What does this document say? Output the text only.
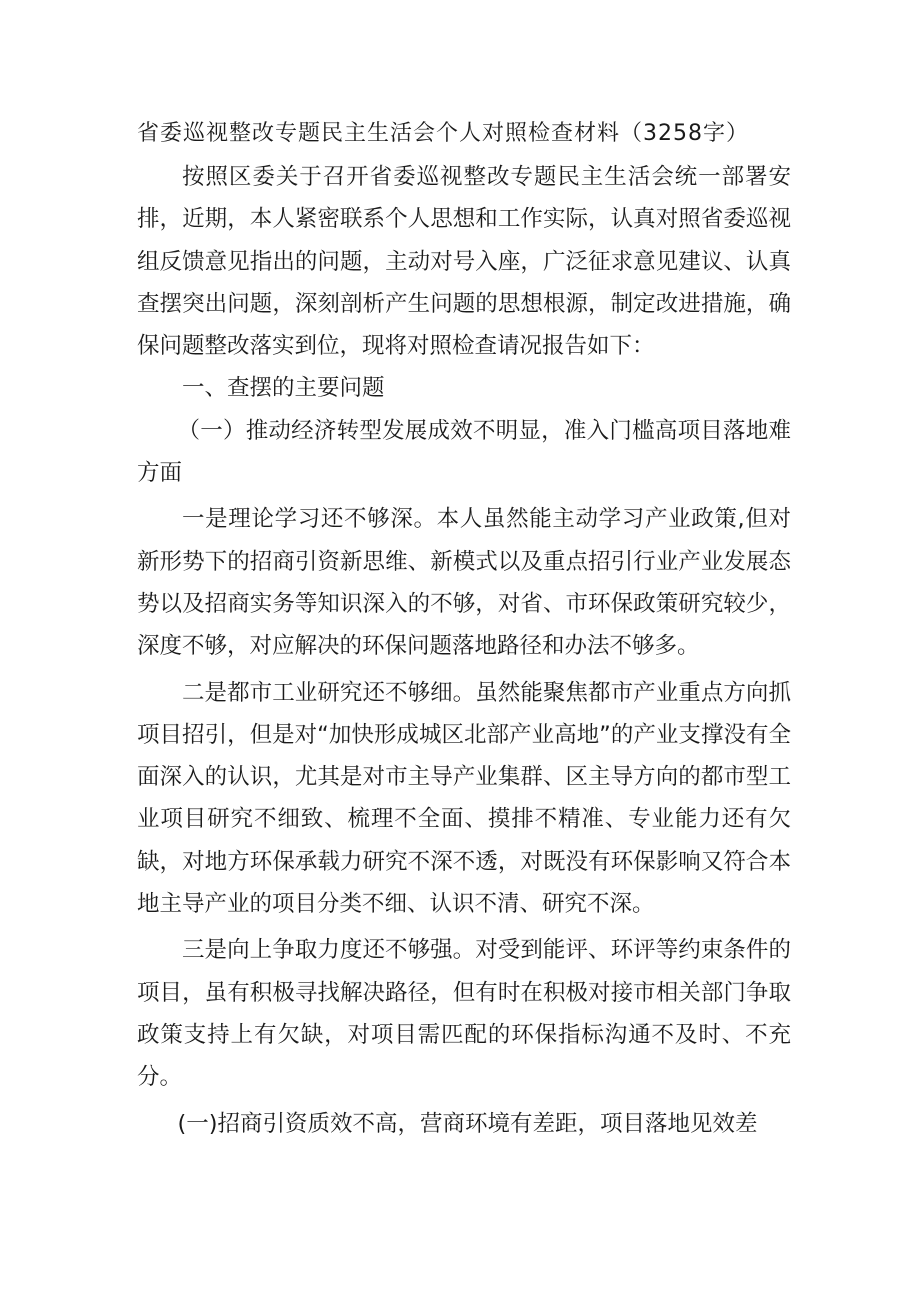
省委巡视整改专题民主生活会个人对照检查材料（3258字）

按照区委关于召开省委巡视整改专题民主生活会统一部署安排，近期，本人紧密联系个人思想和工作实际，认真对照省委巡视组反馈意见指出的问题，主动对号入座，广泛征求意见建议、认真查摆突出问题，深刻剖析产生问题的思想根源，制定改进措施，确保问题整改落实到位，现将对照检查请况报告如下：

一、查摆的主要问题

（一）推动经济转型发展成效不明显，准入门槛高项目落地难方面

一是理论学习还不够深。本人虽然能主动学习产业政策,但对新形势下的招商引资新思维、新模式以及重点招引行业产业发展态势以及招商实务等知识深入的不够，对省、市环保政策研究较少，深度不够，对应解决的环保问题落地路径和办法不够多。

二是都市工业研究还不够细。虽然能聚焦都市产业重点方向抓项目招引，但是对“加快形成城区北部产业高地”的产业支撑没有全面深入的认识，尤其是对市主导产业集群、区主导方向的都市型工业项目研究不细致、梳理不全面、摸排不精准、专业能力还有欠缺，对地方环保承载力研究不深不透，对既没有环保影响又符合本地主导产业的项目分类不细、认识不清、研究不深。

三是向上争取力度还不够强。对受到能评、环评等约束条件的项目，虽有积极寻找解决路径，但有时在积极对接市相关部门争取政策支持上有欠缺，对项目需匹配的环保指标沟通不及时、不充分。

(一)招商引资质效不高，营商环境有差距，项目落地见效差
